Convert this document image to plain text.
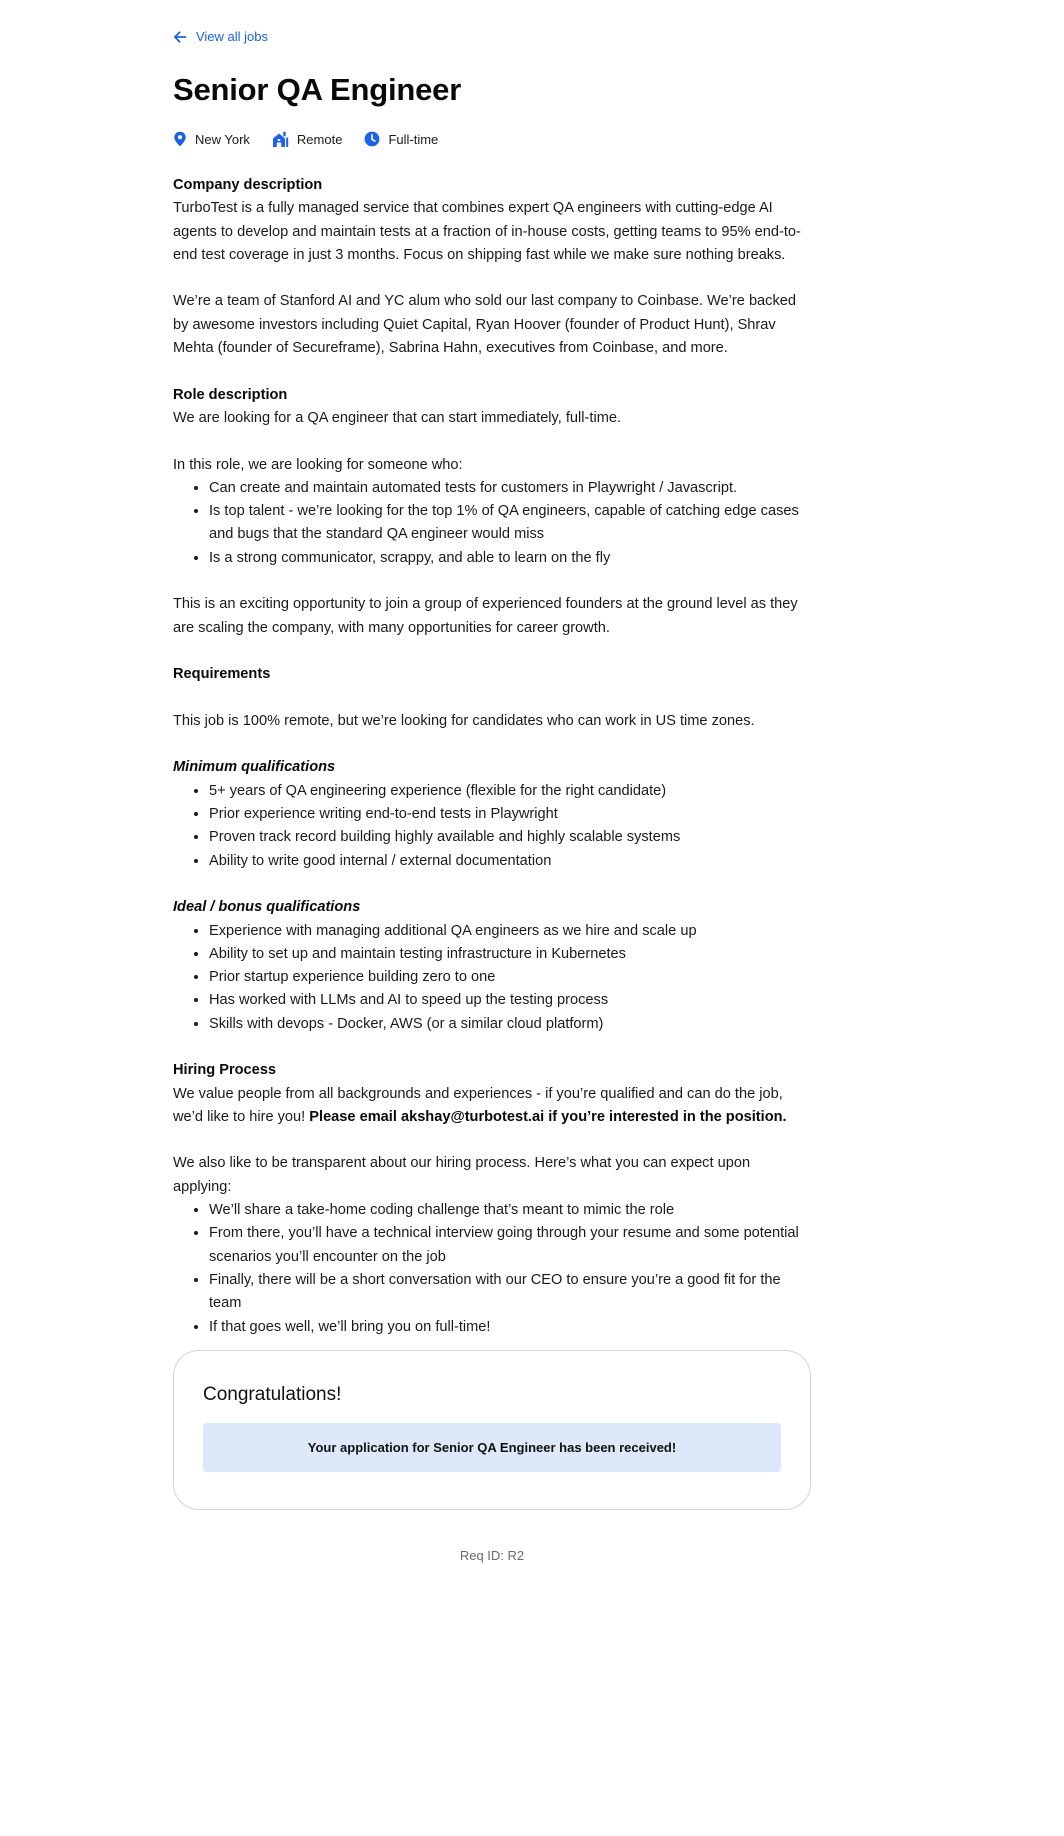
View all jobs
Senior QA Engineer
New York	Remote	Full-time
Company description

TurboTest is a fully managed service that combines expert QA engineers with cutting-edge AI agents to develop and maintain tests at a fraction of in-house costs, getting teams to 95% end-to-end test coverage in just 3 months. Focus on shipping fast while we make sure nothing breaks.

We’re a team of Stanford AI and YC alum who sold our last company to Coinbase. We’re backed by awesome investors including Quiet Capital, Ryan Hoover (founder of Product Hunt), Shrav Mehta (founder of Secureframe), Sabrina Hahn, executives from Coinbase, and more.

Role description

We are looking for a QA engineer that can start immediately, full-time.

In this role, we are looking for someone who:

• Can create and maintain automated tests for customers in Playwright / Javascript.
• Is top talent - we’re looking for the top 1% of QA engineers, capable of catching edge cases and bugs that the standard QA engineer would miss
• Is a strong communicator, scrappy, and able to learn on the fly

This is an exciting opportunity to join a group of experienced founders at the ground level as they are scaling the company, with many opportunities for career growth.

Requirements

This job is 100% remote, but we’re looking for candidates who can work in US time zones.

Minimum qualifications
• 5+ years of QA engineering experience (flexible for the right candidate)
• Prior experience writing end-to-end tests in Playwright
• Proven track record building highly available and highly scalable systems
• Ability to write good internal / external documentation
Ideal / bonus qualifications
• Experience with managing additional QA engineers as we hire and scale up
• Ability to set up and maintain testing infrastructure in Kubernetes
• Prior startup experience building zero to one
• Has worked with LLMs and AI to speed up the testing process
• Skills with devops - Docker, AWS (or a similar cloud platform)
Hiring Process

We value people from all backgrounds and experiences - if you’re qualified and can do the job, we’d like to hire you! Please email akshay@turbotest.ai if you’re interested in the position.

We also like to be transparent about our hiring process. Here’s what you can expect upon applying:

• We’ll share a take-home coding challenge that’s meant to mimic the role
• From there, you’ll have a technical interview going through your resume and some potential scenarios you’ll encounter on the job
• Finally, there will be a short conversation with our CEO to ensure you’re a good fit for the team
• If that goes well, we’ll bring you on full-time!
Congratulations!
Your application for Senior QA Engineer has been received!
Req ID: R2
